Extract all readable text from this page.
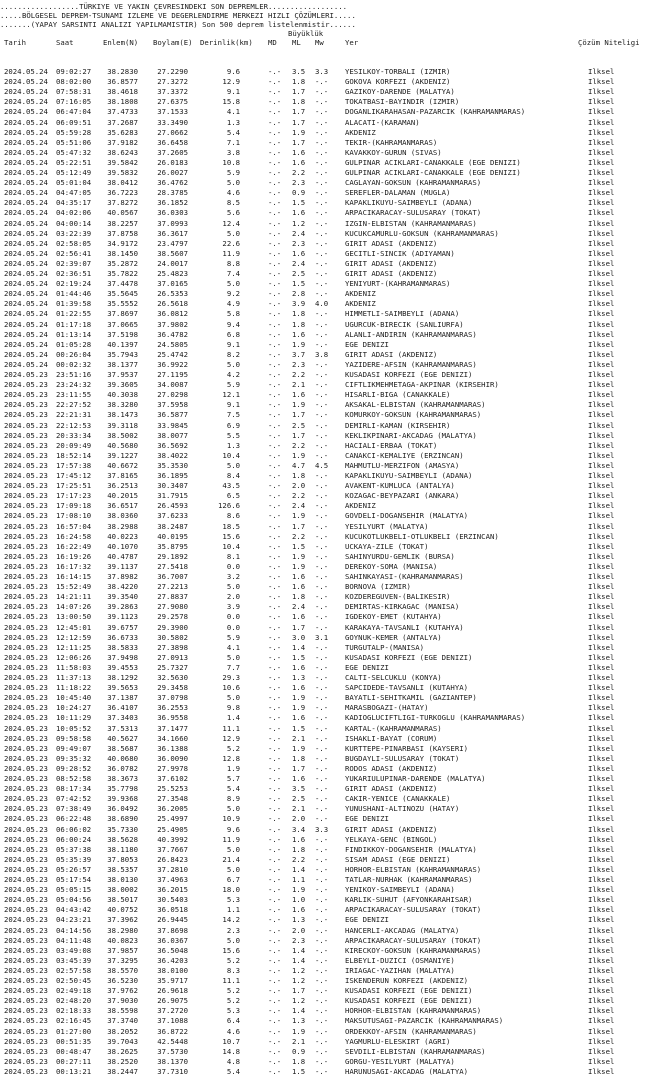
..................TÜRKIYE VE YAKIN ÇEVRESINDEKI SON DEPREMLER..................
.....BÖLGESEL DEPREM-TSUNAMI IZLEME VE DEGERLENDIRME MERKEZI HIZLI ÇÖZÜMLERI.....
.......(YAPAY SARSINTI ANALIZI YAPILMAMISTIR) Son 500 deprem listelenmistir......
Büyüklük
Tarih	Saat	Enlem(N) Boylam(E) Derinlik(km) MD ML Mw	Yer	Çözüm Niteligi
2024.05.24 09:02:27	38.2830	27.2290	9.6	-.- 3.5 3.3 YESILKOY-TORBALI (IZMIR)	Ilksel
2024.05.24 08:02:00	36.8577	27.3272	12.9	-.- 1.8 -.- GOKOVA KORFEZI (AKDENIZ)	Ilksel
2024.05.24 07:58:31	38.4618	37.3372	9.1	-.- 1.7 -.- GAZIKOY-DARENDE (MALATYA)	Ilksel
2024.05.24 07:16:05	38.1808	27.6375	15.8	-.- 1.8 -.- TOKATBASI-BAYINDIR (IZMIR)	Ilksel
2024.05.24 06:47:04	37.4733	37.1533	4.1	-.- 1.7 -.- DOGANLIKARAHASAN-PAZARCIK (KAHRAMANMARAS)	Ilksel
2024.05.24 06:09:51	37.2687	33.3490	1.3	-.- 1.7 -.- ALACATI-(KARAMAN)	Ilksel
2024.05.24 05:59:28	35.6283	27.0662	5.4	-.- 1.9 -.- AKDENIZ	Ilksel
2024.05.24 05:51:06	37.9182	36.6458	7.1	-.- 1.7 -.- TEKIR-(KAHRAMANMARAS)	Ilksel
2024.05.24 05:47:32	38.6243	37.2605	3.8	-.- 1.6 -.- KAVAKKOY-GURUN (SIVAS)	Ilksel
2024.05.24 05:22:51	39.5842	26.0183	10.8	-.- 1.6 -.- GULPINAR ACIKLARI-CANAKKALE (EGE DENIZI)	Ilksel
2024.05.24 05:12:49	39.5832	26.0027	5.9	-.- 2.2 -.- GULPINAR ACIKLARI-CANAKKALE (EGE DENIZI)	Ilksel
2024.05.24 05:01:04	38.0412	36.4762	5.0	-.- 2.3 -.- CAGLAYAN-GOKSUN (KAHRAMANMARAS)	Ilksel
2024.05.24 04:47:05	36.7223	28.3785	4.6	-.- 0.9 -.- SEREFLER-DALAMAN (MUGLA)	Ilksel
2024.05.24 04:35:17	37.8272	36.1852	8.5	-.- 1.5 -.- KAPAKLIKUYU-SAIMBEYLI (ADANA)	Ilksel
2024.05.24 04:02:06	40.0567	36.0303	5.6	-.- 1.6 -.- ARPACIKARACAY-SULUSARAY (TOKAT)	Ilksel
2024.05.24 04:00:14	38.2257	37.0993	12.4	-.- 1.2 -.- IZGIN-ELBISTAN (KAHRAMANMARAS)	Ilksel
2024.05.24 03:22:39	37.8758	36.3617	5.0	-.- 2.4 -.- KUCUKCAMURLU-GOKSUN (KAHRAMANMARAS)	Ilksel
2024.05.24 02:58:05	34.9172	23.4797	22.6	-.- 2.3 -.- GIRIT ADASI (AKDENIZ)	Ilksel
2024.05.24 02:56:41	38.1450	38.5607	11.9	-.- 1.6 -.- GECITLI-SINCIK (ADIYAMAN)	Ilksel
2024.05.24 02:39:07	35.2872	24.0017	8.8	-.- 2.4 -.- GIRIT ADASI (AKDENIZ)	Ilksel
2024.05.24 02:36:51	35.7822	25.4823	7.4	-.- 2.5 -.- GIRIT ADASI (AKDENIZ)	Ilksel
2024.05.24 02:19:24	37.4478	37.0165	5.0	-.- 1.5 -.- YENIYURT-(KAHRAMANMARAS)	Ilksel
2024.05.24 01:44:46	35.5645	26.5353	9.2	-.- 2.8 -.- AKDENIZ	Ilksel
2024.05.24 01:39:58	35.5552	26.5618	4.9	-.- 3.9 4.0 AKDENIZ	Ilksel
2024.05.24 01:22:55	37.8697	36.0812	5.8	-.- 1.8 -.- HIMMETLI-SAIMBEYLI (ADANA)	Ilksel
2024.05.24 01:17:18	37.0665	37.9802	9.4	-.- 1.8 -.- UGURCUK-BIRECIK (SANLIURFA)	Ilksel
2024.05.24 01:13:14	37.5198	36.4782	6.8	-.- 1.6 -.- ALANLI-ANDIRIN (KAHRAMANMARAS)	Ilksel
2024.05.24 01:05:28	40.1397	24.5805	9.1	-.- 1.9 -.- EGE DENIZI	Ilksel
2024.05.24 00:26:04	35.7943	25.4742	8.2	-.- 3.7 3.8 GIRIT ADASI (AKDENIZ)	Ilksel
2024.05.24 00:02:32	38.1377	36.9922	5.0	-.- 2.3 -.- YAZIDERE-AFSIN (KAHRAMANMARAS)	Ilksel
2024.05.23 23:51:16	37.9537	27.1195	4.2	-.- 2.2 -.- KUSADASI KORFEZI (EGE DENIZI)	Ilksel
2024.05.23 23:24:32	39.3605	34.0087	5.9	-.- 2.1 -.- CIFTLIKMEHMETAGA-AKPINAR (KIRSEHIR)	Ilksel
2024.05.23 23:11:55	40.3038	27.0298	12.1	-.- 1.6 -.- HISARLI-BIGA (CANAKKALE)	Ilksel
2024.05.23 22:27:52	38.3280	37.5958	9.1	-.- 1.9 -.- AKSAKAL-ELBISTAN (KAHRAMANMARAS)	Ilksel
2024.05.23 22:21:31	38.1473	36.5877	7.5	-.- 1.7 -.- KOMURKOY-GOKSUN (KAHRAMANMARAS)	Ilksel
2024.05.23 22:12:53	39.3118	33.9845	6.9	-.- 2.5 -.- DEMIRLI-KAMAN (KIRSEHIR)	Ilksel
2024.05.23 20:33:34	38.5002	38.0077	5.5	-.- 1.7 -.- KEKLIKPINARI-AKCADAG (MALATYA)	Ilksel
2024.05.23 20:09:49	40.5680	36.5692	1.3	-.- 2.2 -.- HACIALI-ERBAA (TOKAT)	Ilksel
2024.05.23 18:52:14	39.1227	38.4022	10.4	-.- 1.9 -.- CANAKCI-KEMALIYE (ERZINCAN)	Ilksel
2024.05.23 17:57:38	40.6672	35.3530	5.0	-.- 4.7 4.5 MAHMUTLU-MERZIFON (AMASYA)	Ilksel
2024.05.23 17:45:12	37.8165	36.1895	8.4	-.- 1.8 -.- KAPAKLIKUYU-SAIMBEYLI (ADANA)	Ilksel
2024.05.23 17:25:51	36.2513	30.3407	43.5	-.- 2.0 -.- AVAKENT-KUMLUCA (ANTALYA)	Ilksel
2024.05.23 17:17:23	40.2015	31.7915	6.5	-.- 2.2 -.- KOZAGAC-BEYPAZARI (ANKARA)	Ilksel
2024.05.23 17:09:18	36.6517	26.4593	126.6	-.- 2.4 -.- AKDENIZ	Ilksel
2024.05.23 17:08:10	38.0360	37.6233	8.6	-.- 1.9 -.- GOVDELI-DOGANSEHIR (MALATYA)	Ilksel
2024.05.23 16:57:04	38.2988	38.2487	18.5	-.- 1.7 -.- YESILYURT (MALATYA)	Ilksel
2024.05.23 16:24:58	40.0223	40.0195	15.6	-.- 2.2 -.- KUCUKOTLUKBELI-OTLUKBELI (ERZINCAN)	Ilksel
2024.05.23 16:22:49	40.1070	35.8795	10.4	-.- 1.5 -.- UCKAYA-ZILE (TOKAT)	Ilksel
2024.05.23 16:19:26	40.4787	29.1892	8.1	-.- 1.9 -.- SAHINYURDU-GEMLIK (BURSA)	Ilksel
2024.05.23 16:17:32	39.1137	27.5418	0.0	-.- 1.9 -.- DEREKOY-SOMA (MANISA)	Ilksel
2024.05.23 16:14:15	37.8982	36.7007	3.2	-.- 1.6 -.- SAHINKAYASI-(KAHRAMANMARAS)	Ilksel
2024.05.23 15:52:49	38.4220	27.2213	5.0	-.- 1.6 -.- BORNOVA (IZMIR)	Ilksel
2024.05.23 14:21:11	39.3540	27.8837	2.0	-.- 1.8 -.- KOZDEREGUVEN-(BALIKESIR)	Ilksel
2024.05.23 14:07:26	39.2863	27.9080	3.9	-.- 2.4 -.- DEMIRTAS-KIRKAGAC (MANISA)	Ilksel
2024.05.23 13:00:50	39.1123	29.2578	0.0	-.- 1.6 -.- IGDEKOY-EMET (KUTAHYA)	Ilksel
2024.05.23 12:45:01	39.6757	29.3900	0.0	-.- 1.7 -.- KARAKAYA-TAVSANLI (KUTAHYA)	Ilksel
2024.05.23 12:12:59	36.6733	30.5802	5.9	-.- 3.0 3.1 GOYNUK-KEMER (ANTALYA)	Ilksel
2024.05.23 12:11:25	38.5833	27.3898	4.1	-.- 1.4 -.- TURGUTALP-(MANISA)	Ilksel
2024.05.23 12:06:26	37.9498	27.0913	5.0	-.- 1.5 -.- KUSADASI KORFEZI (EGE DENIZI)	Ilksel
2024.05.23 11:58:03	39.4553	25.7327	7.7	-.- 1.6 -.- EGE DENIZI	Ilksel
2024.05.23 11:37:13	38.1292	32.5630	29.3	-.- 1.3 -.- CALTI-SELCUKLU (KONYA)	Ilksel
2024.05.23 11:18:22	39.5653	29.3458	10.6	-.- 1.6 -.- SAPCIDEDE-TAVSANLI (KUTAHYA)	Ilksel
2024.05.23 10:45:40	37.1387	37.0798	5.0	-.- 1.9 -.- BAYATLI-SEHITKAMIL (GAZIANTEP)	Ilksel
2024.05.23 10:24:27	36.4107	36.2553	9.8	-.- 1.9 -.- MARASBOGAZI-(HATAY)	Ilksel
2024.05.23 10:11:29	37.3403	36.9558	1.4	-.- 1.6 -.- KADIOGLUCIFTLIGI-TURKOGLU (KAHRAMANMARAS)	Ilksel
2024.05.23 10:05:52	37.5313	37.1477	11.1	-.- 1.5 -.- KARTAL-(KAHRAMANMARAS)	Ilksel
2024.05.23 09:58:58	40.5627	34.1660	12.9	-.- 2.1 -.- ISHAKLI-BAYAT (CORUM)	Ilksel
2024.05.23 09:49:07	38.5687	36.1388	5.2	-.- 1.9 -.- KURTTEPE-PINARBASI (KAYSERI)	Ilksel
2024.05.23 09:35:32	40.0680	36.0090	12.8	-.- 1.8 -.- BUGDAYLI-SULUSARAY (TOKAT)	Ilksel
2024.05.23 09:28:52	36.0782	27.9978	1.9	-.- 1.7 -.- RODOS ADASI (AKDENIZ)	Ilksel
2024.05.23 08:52:58	38.3673	37.6102	5.7	-.- 1.6 -.- YUKARIULUPINAR-DARENDE (MALATYA)	Ilksel
2024.05.23 08:17:34	35.7798	25.5253	5.4	-.- 3.5 -.- GIRIT ADASI (AKDENIZ)	Ilksel
2024.05.23 07:42:52	39.9368	27.3548	8.9	-.- 2.5 -.- CAKIR-YENICE (CANAKKALE)	Ilksel
2024.05.23 07:38:49	36.0492	36.2005	5.0	-.- 2.1 -.- YUNUSHANI-ALTINOZU (HATAY)	Ilksel
2024.05.23 06:22:48	38.6890	25.4997	10.9	-.- 2.0 -.- EGE DENIZI	Ilksel
2024.05.23 06:06:02	35.7330	25.4905	9.6	-.- 3.4 3.3 GIRIT ADASI (AKDENIZ)	Ilksel
2024.05.23 06:00:24	38.5628	40.3992	11.9	-.- 1.6 -.- YELKAYA-GENC (BINGOL)	Ilksel
2024.05.23 05:37:38	38.1180	37.7667	5.0	-.- 1.8 -.- FINDIKKOY-DOGANSEHIR (MALATYA)	Ilksel
2024.05.23 05:35:39	37.8053	26.8423	21.4	-.- 2.2 -.- SISAM ADASI (EGE DENIZI)	Ilksel
2024.05.23 05:26:57	38.5357	37.2810	5.0	-.- 1.4 -.- HORHOR-ELBISTAN (KAHRAMANMARAS)	Ilksel
2024.05.23 05:17:54	38.0130	37.4963	6.7	-.- 1.1 -.- TATLAR-NURHAK (KAHRAMANMARAS)	Ilksel
2024.05.23 05:05:15	38.0002	36.2015	18.0	-.- 1.9 -.- YENIKOY-SAIMBEYLI (ADANA)	Ilksel
2024.05.23 05:04:56	38.5017	30.5403	5.3	-.- 1.0 -.- KARLIK-SUHUT (AFYONKARAHISAR)	Ilksel
2024.05.23 04:43:42	40.0752	36.0518	1.1	-.- 1.6 -.- ARPACIKARACAY-SULUSARAY (TOKAT)	Ilksel
2024.05.23 04:23:21	37.3962	26.9445	14.2	-.- 1.3 -.- EGE DENIZI	Ilksel
2024.05.23 04:14:56	38.2980	37.8698	2.3	-.- 2.0 -.- HANCERLI-AKCADAG (MALATYA)	Ilksel
2024.05.23 04:11:48	40.0823	36.0367	5.0	-.- 2.3 -.- ARPACIKARACAY-SULUSARAY (TOKAT)	Ilksel
2024.05.23 03:49:08	37.9857	36.5048	15.6	-.- 1.4 -.- KIRECKOY-GOKSUN (KAHRAMANMARAS)	Ilksel
2024.05.23 03:45:39	37.3295	36.4203	5.2	-.- 1.4 -.- ELBEYLI-DUZICI (OSMANIYE)	Ilksel
2024.05.23 02:57:58	38.5570	38.0100	8.3	-.- 1.2 -.- IRIAGAC-YAZIHAN (MALATYA)	Ilksel
2024.05.23 02:50:45	36.5230	35.9717	11.1	-.- 1.2 -.- ISKENDERUN KORFEZI (AKDENIZ)	Ilksel
2024.05.23 02:49:18	37.9762	26.9618	5.2	-.- 1.7 -.- KUSADASI KORFEZI (EGE DENIZI)	Ilksel
2024.05.23 02:48:20	37.9030	26.9075	5.2	-.- 1.2 -.- KUSADASI KORFEZI (EGE DENIZI)	Ilksel
2024.05.23 02:18:33	38.5598	37.2720	5.3	-.- 1.4 -.- HORHOR-ELBISTAN (KAHRAMANMARAS)	Ilksel
2024.05.23 02:16:45	37.3740	37.1088	6.4	-.- 1.3 -.- MAKSUTUSAGI-PAZARCIK (KAHRAMANMARAS)	Ilksel
2024.05.23 01:27:00	38.2052	36.8722	4.6	-.- 1.9 -.- ORDEKKOY-AFSIN (KAHRAMANMARAS)	Ilksel
2024.05.23 00:51:35	39.7043	42.5448	10.7	-.- 2.1 -.- YAGMURLU-ELESKIRT (AGRI)	Ilksel
2024.05.23 00:48:47	38.2625	37.5730	14.8	-.- 0.9 -.- SEVDILI-ELBISTAN (KAHRAMANMARAS)	Ilksel
2024.05.23 00:27:11	38.2520	38.1370	4.8	-.- 1.8 -.- GORGU-YESILYURT (MALATYA)	Ilksel
2024.05.23 00:13:21	38.2447	37.7310	5.4	-.- 1.5 -.- HARUNUSAGI-AKCADAG (MALATYA)	Ilksel
